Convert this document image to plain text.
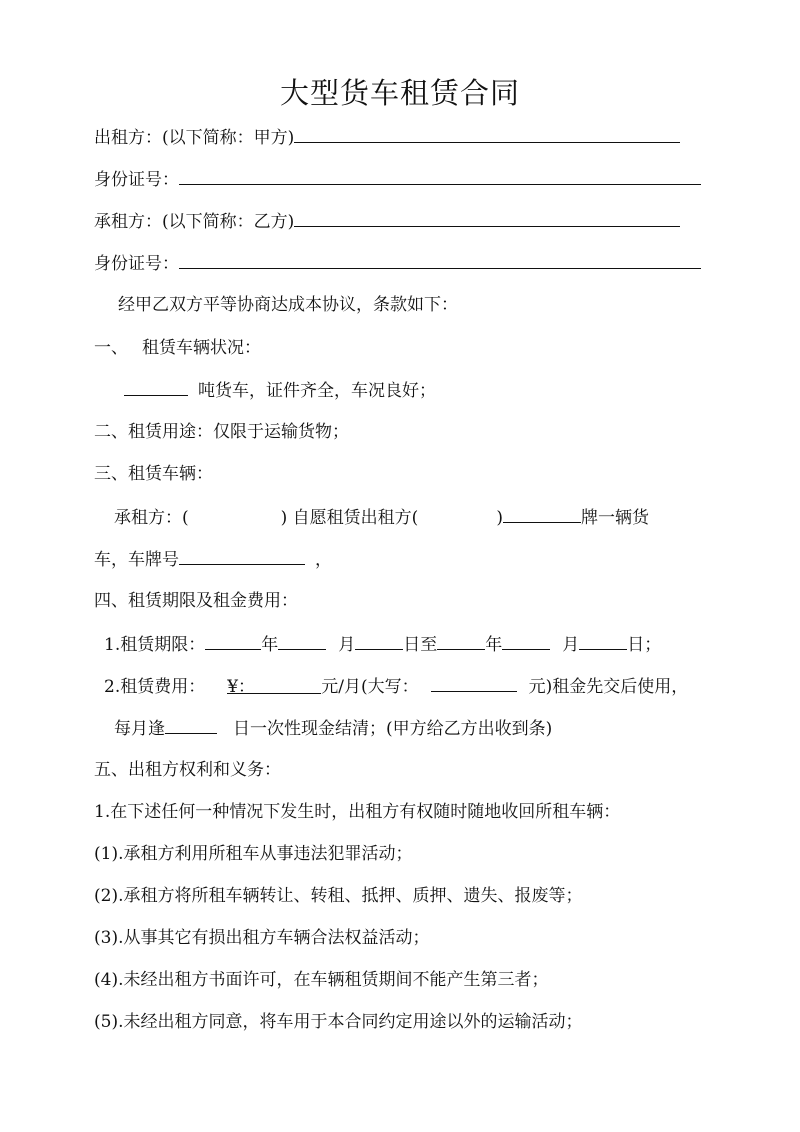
大型货车租赁合同
出租方：(以下简称：甲方)
身份证号：
承租方：(以下简称：乙方)
身份证号：
经甲乙双方平等协商达成本协议，条款如下：
一、 租赁车辆状况：
吨货车，证件齐全，车况良好；
二、租赁用途：仅限于运输货物；
三、租赁车辆：
承租方：(	) 自愿租赁出租方(	)	牌一辆货
车，车牌号	，
四、租赁期限及租金费用：
1.租赁期限：	年	月	日至	年	月	日；
2.租赁费用： ¥：	元/月(大写：	元)租金先交后使用，
每月逢	日一次性现金结清；(甲方给乙方出收到条)
五、出租方权利和义务：
1.在下述任何一种情况下发生时，出租方有权随时随地收回所租车辆：
(1).承租方利用所租车从事违法犯罪活动；
(2).承租方将所租车辆转让、转租、抵押、质押、遗失、报废等；
(3).从事其它有损出租方车辆合法权益活动；
(4).未经出租方书面许可，在车辆租赁期间不能产生第三者；
(5).未经出租方同意，将车用于本合同约定用途以外的运输活动；
